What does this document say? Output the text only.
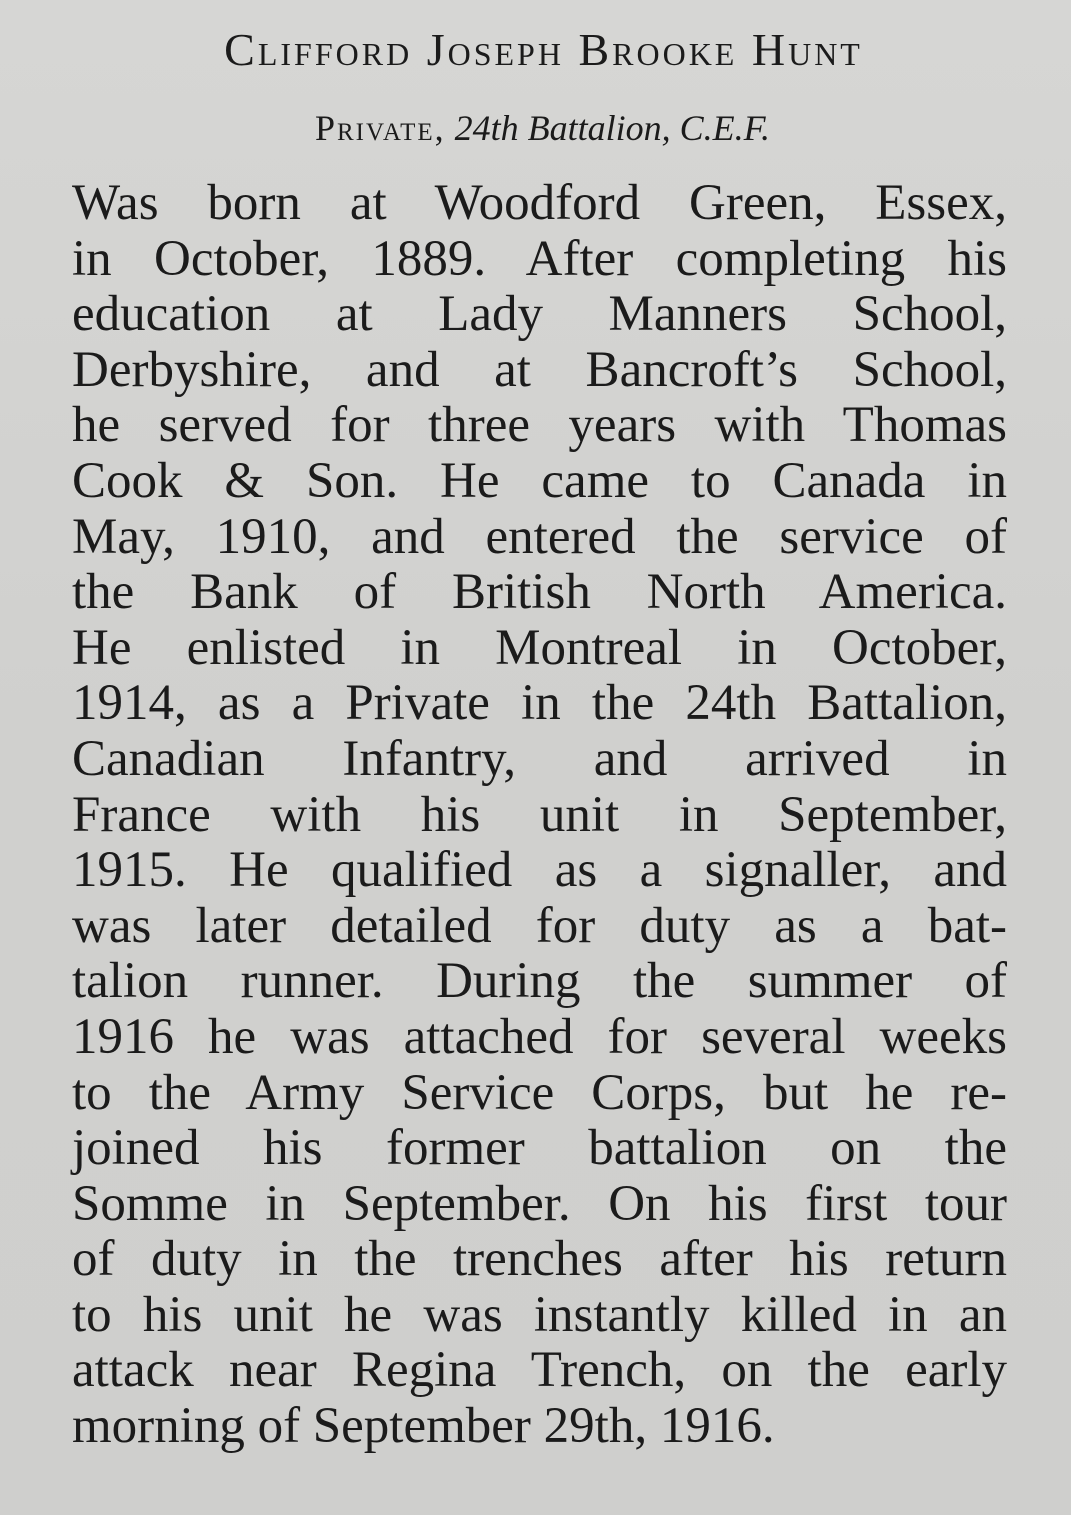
Clifford Joseph Brooke Hunt
Private, 24th Battalion, C.E.F.
Was born at Woodford Green, Essex,
in October, 1889. After completing his
education at Lady Manners School,
Derbyshire, and at Bancroft’s School,
he served for three years with Thomas
Cook & Son. He came to Canada in
May, 1910, and entered the service of
the Bank of British North America.
He enlisted in Montreal in October,
1914, as a Private in the 24th Battalion,
Canadian Infantry, and arrived in
France with his unit in September,
1915. He qualified as a signaller, and
was later detailed for duty as a bat-
talion runner. During the summer of
1916 he was attached for several weeks
to the Army Service Corps, but he re-
joined his former battalion on the
Somme in September. On his first tour
of duty in the trenches after his return
to his unit he was instantly killed in an
attack near Regina Trench, on the early
morning of September 29th, 1916.
